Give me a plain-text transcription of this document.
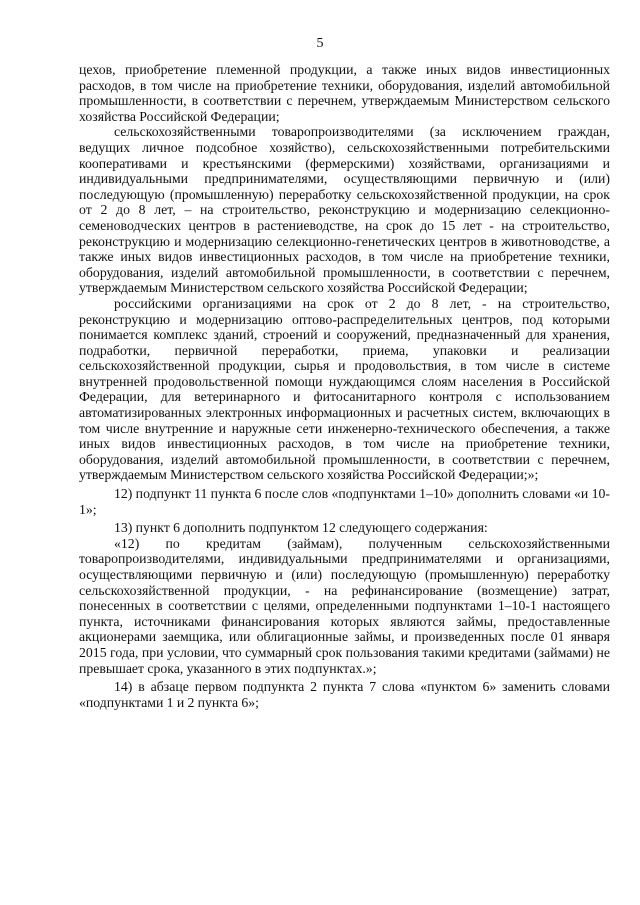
5

цехов, приобретение племенной продукции, а также иных видов инвестиционных расходов, в том числе на приобретение техники, оборудования, изделий автомобильной промышленности, в соответствии с перечнем, утверждаемым Министерством сельского хозяйства Российской Федерации;

сельскохозяйственными товаропроизводителями (за исключением граждан, ведущих личное подсобное хозяйство), сельскохозяйственными потребительскими кооперативами и крестьянскими (фермерскими) хозяйствами, организациями и индивидуальными предпринимателями, осуществляющими первичную и (или) последующую (промышленную) переработку сельскохозяйственной продукции, на срок от 2 до 8 лет, – на строительство, реконструкцию и модернизацию селекционно-семеноводческих центров в растениеводстве, на срок до 15 лет - на строительство, реконструкцию и модернизацию селекционно-генетических центров в животноводстве, а также иных видов инвестиционных расходов, в том числе на приобретение техники, оборудования, изделий автомобильной промышленности, в соответствии с перечнем, утверждаемым Министерством сельского хозяйства Российской Федерации;

российскими организациями на срок от 2 до 8 лет, - на строительство, реконструкцию и модернизацию оптово-распределительных центров, под которыми понимается комплекс зданий, строений и сооружений, предназначенный для хранения, подработки, первичной переработки, приема, упаковки и реализации сельскохозяйственной продукции, сырья и продовольствия, в том числе в системе внутренней продовольственной помощи нуждающимся слоям населения в Российской Федерации, для ветеринарного и фитосанитарного контроля с использованием автоматизированных электронных информационных и расчетных систем, включающих в том числе внутренние и наружные сети инженерно-технического обеспечения, а также иных видов инвестиционных расходов, в том числе на приобретение техники, оборудования, изделий автомобильной промышленности, в соответствии с перечнем, утверждаемым Министерством сельского хозяйства Российской Федерации;»;

12) подпункт 11 пункта 6 после слов «подпунктами 1–10» дополнить словами «и 10-1»;

13) пункт 6 дополнить подпунктом 12 следующего содержания:

«12) по кредитам (займам), полученным сельскохозяйственными товаропроизводителями, индивидуальными предпринимателями и организациями, осуществляющими первичную и (или) последующую (промышленную) переработку сельскохозяйственной продукции, - на рефинансирование (возмещение) затрат, понесенных в соответствии с целями, определенными подпунктами 1–10-1 настоящего пункта, источниками финансирования которых являются займы, предоставленные акционерами заемщика, или облигационные займы, и произведенных после 01 января 2015 года, при условии, что суммарный срок пользования такими кредитами (займами) не превышает срока, указанного в этих подпунктах.»;

14) в абзаце первом подпункта 2 пункта 7 слова «пунктом 6» заменить словами «подпунктами 1 и 2 пункта 6»;
